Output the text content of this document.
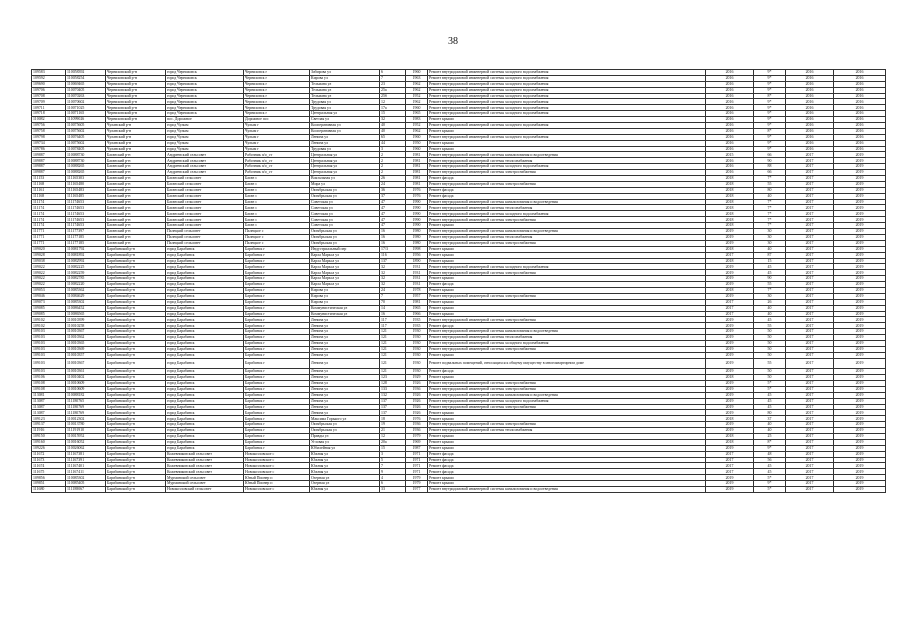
38
109583	110058392	Черниховский р-н	город Черниховск	Черниховск г	Забирова ул	6	1960	Ремонт внутридомовой инженерной системы холодного водоснабжения	2016	9*	2016	2016
109592	110058254	Черниховский р-н	город Черниховск	Черниховск г	Кирова ул	7	1963	Ремонт внутридомовой инженерной системы холодного водоснабжения	2016	9*	2016	2016
109690	110069465	Черниховский р-н	город Черниховск	Черниховск г	Тельмана ул	23	1962	Ремонт внутридомовой инженерной системы холодного водоснабжения	2016	9*	2016	2016
109706	110070405	Черниховский р-н	город Черниховск	Черниховск г	Тельмана ул	25а	1962	Ремонт внутридомовой инженерной системы холодного водоснабжения	2016	9*	2016	2016
109708	110070263	Черниховский р-н	город Черниховск	Черниховск г	Тельмана ул	25б	1952	Ремонт внутридомовой инженерной системы холодного водоснабжения	2016	8*	2016	2016
109709	110070602	Черниховский р-н	город Черниховск	Черниховск г	Трудовая ул	12	1962	Ремонт внутридомовой инженерной системы холодного водоснабжения	2016	9*	2016	2016
109711	110071025	Черниховский р-н	город Черниховск	Черниховск г	Трудовая ул	17а	1960	Ремонт внутридомовой инженерной системы холодного водоснабжения	2016	9*	2016	2016
109718	110071165	Черниховский р-н	город Черниховск	Черниховск г	Центральная ул	15	1965	Ремонт внутридомовой инженерной системы холодного водоснабжения	2016	9*	2016	2016
110082	111099026	Черниховский р-н	пос. Дорожное	Дорожное пос	Светлая ул	32	1983	Ремонт крыши	2016	9*	2016	2016
109756	110075605	Чуланский р-н	город Чулым	Чулым г	Кооперативная ул	40	1952	Ремонт внутридомовой инженерной системы холодного водоснабжения	2016	9*	2016	2016
109758	110075602	Чуланский р-н	город Чулым	Чулым г	Кооперативная ул	40	1962	Ремонт крыши	2016	8*	2016	2016
109798	110076405	Чуланский р-н	город Чулым	Чулым г	Ленина ул	65	1960	Ремонт внутридомовой инженерной системы холодного водоснабжения	2016	9*	2016	2016
109734	110075602	Чуланский р-н	город Чулым	Чулым г	Ленина ул	44	1950	Ремонт крыши	2016	9*	2016	2016
109786	110078405	Чуланский р-н	город Чулым	Чулым г	Трудовая ул	3	1960	Ремонт крыши	2016	9*	2016	2016
109887	110088730	Баганский р-н	Андреевский сельсовет	Рабочник п/о_ст	Центральная ул	2	1981	Ремонт внутридомовой инженерной системы канализования и водоотведения	2015	66	2017	2019
109887	110088730	Баганский р-н	Андреевский сельсовет	Рабочник п/о_ст	Центральная ул	2	1981	Ремонт внутридомовой инженерной системы теплоснабжения	2016	90	2017	2019
109887	110088265	Баганский р-н	Андреевский сельсовет	Рабочник п/о_ст	Центральная ул	2	1981	Ремонт внутридомовой инженерной системы холодного водоснабжения	2016	88	2017	2019
109887	110088265	Баганский р-н	Андреевский сельсовет	Рабочник п/о_ст	Центральная ул	2	1981	Ремонт внутридомовой инженерной системы электроснабжения	2016	66	2017	2019
111153	111165303	Баганский р-н	Баганский сельсовет	Баган с	Вокзальная ул	26	1981	Ремонт фасада	2018	7*	2017	2019
111168	111165480	Баганский р-н	Баганский сельсовет	Баган с	Мира ул	24	1981	Ремонт внутридомовой инженерной системы электроснабжения	2018	55	2017	2019
111161	111165483	Баганский р-н	Баганский сельсовет	Баган с	Октябрьская ул	36	1976	Ремонт фасада	2018	80	2017	2019
111168	111165485	Баганский р-н	Баганский сельсовет	Баган с	Октябрьская ул	37	1976	Ремонт фасада	2018	40	2017	2019
111174	111174653	Баганский р-н	Баганский сельсовет	Баган с	Советская ул	47	1990	Ремонт внутридомовой инженерной системы канализования и водоотведения	2018	7*	2017	2019
111174	111174653	Баганский р-н	Баганский сельсовет	Баган с	Советская ул	47	1990	Ремонт внутридомовой инженерной системы теплоснабжения	2018	7*	2017	2019
111174	111174653	Баганский р-н	Баганский сельсовет	Баган с	Советская ул	47	1990	Ремонт внутридомовой инженерной системы холодного водоснабжения	2018	7*	2017	2019
111174	111174653	Баганский р-н	Баганский сельсовет	Баган с	Советская ул	47	1990	Ремонт внутридомовой инженерной системы электроснабжения	2018	7*	2017	2019
111174	111174653	Баганский р-н	Баганский сельсовет	Баган с	Советская ул	47	1990	Ремонт крыши	2018	7*	2017	2019
111771	111177397	Баганский р-н	Палецкий сельсовет	Палецкое с	Октябрьская ул	16	1980	Ремонт внутридомовой инженерной системы канализования и водоотведения	2019	30	2017	2019
111771	111177185	Баганский р-н	Палецкий сельсовет	Палецкое с	Октябрьская ул	16	1980	Ремонт внутридомовой инженерной системы теплоснабжения	2019	30	2017	2019
111771	111177185	Баганский р-н	Палецкий сельсовет	Палецкое с	Октябрьская ул	16	1980	Ремонт внутридомовой инженерной системы электроснабжения	2019	30	2017	2019
109020	110081792	Барабинский р-н	город Барабинск	Барабинск г	Индустриальный пер	17/3	1998	Ремонт крыши	2018	40	2017	2019
109028	110081892	Барабинский р-н	город Барабинск	Барабинск г	Карла Маркса ул	116	1956	Ремонт крыши	2017	87	2017	2019
109038	110082992	Барабинский р-н	город Барабинск	Барабинск г	Карла Маркса ул	137	1890	Ремонт крыши	2018	15	2017	2019
109022	110082225	Барабинский р-н	город Барабинск	Барабинск г	Карла Маркса ул	32	1931	Ремонт внутридомовой инженерной системы холодного водоснабжения	2019	45	2017	2019
109022	110082259	Барабинский р-н	город Барабинск	Барабинск г	Карла Маркса ул	32	1931	Ремонт внутридомовой инженерной системы электроснабжения	2019	45	2017	2019
109022	110082785	Барабинский р-н	город Барабинск	Барабинск г	Карла Маркса ул	32	1931	Ремонт крыши	2019	90	2017	2019
109022	110082220	Барабинский р-н	город Барабинск	Барабинск г	Карла Маркса ул	32	1931	Ремонт фасада	2019	55	2017	2019
109053	110085362	Барабинский р-н	город Барабинск	Барабинск г	Кирова ул	24	1978	Ремонт крыши	2018	7*	2017	2019
109046	110084629	Барабинский р-н	город Барабинск	Барабинск г	Кирова ул	7	1957	Ремонт внутридомовой инженерной системы электроснабжения	2019	30	2017	2019
109073	110085302	Барабинский р-н	город Барабинск	Барабинск г	Кирова ул	70	1981	Ремонт крыши	2017	26	2017	2019
109085	110086452	Барабинский р-н	город Барабинск	Барабинск г	Коммунистическая ул	14	1965	Ремонт крыши	2017	40	2017	2019
109085	110086565	Барабинский р-н	город Барабинск	Барабинск г	Коммунистическая ул	16	1966	Ремонт крыши	2017	40	2017	2019
109102	110010399	Барабинский р-н	город Барабинск	Барабинск г	Ленина ул	117	1935	Ремонт внутридомовой инженерной системы электроснабжения	2019	45	2017	2019
109102	110010258	Барабинский р-н	город Барабинск	Барабинск г	Ленина ул	117	1935	Ремонт фасада	2019	55	2017	2019
109103	110010367	Барабинский р-н	город Барабинск	Барабинск г	Ленина ул	121	1930	Ремонт внутридомовой инженерной системы канализования и водоотведения	2019	50	2017	2019
109103	110010362	Барабинский р-н	город Барабинск	Барабинск г	Ленина ул	121	1930	Ремонт внутридомовой инженерной системы теплоснабжения	2019	50	2017	2019
109103	110010365	Барабинский р-н	город Барабинск	Барабинск г	Ленина ул	121	1930	Ремонт внутридомовой инженерной системы холодного водоснабжения	2019	50	2017	2019
109103	110010369	Барабинский р-н	город Барабинск	Барабинск г	Ленина ул	121	1930	Ремонт внутридомовой инженерной системы электроснабжения	2019	50	2017	2019
109103	110010357	Барабинский р-н	город Барабинск	Барабинск г	Ленина ул	121	1930	Ремонт крыши	2019	50	2017	2019
109103	110010367	Барабинский р-н	город Барабинск	Барабинск г	Ленина ул	121	1930	Ремонт подвальных помещений, относящихся к общему имуществу в многоквартирном доме	2019	55	2017	2019
109103	110010361	Барабинский р-н	город Барабинск	Барабинск г	Ленина ул	121	1930	Ремонт фасада	2019	50	2017	2019
109106	110010402	Барабинский р-н	город Барабинск	Барабинск г	Ленина ул	123	1929	Ремонт крыши	2018	50	2017	2019
109108	110010609	Барабинский р-н	город Барабинск	Барабинск г	Ленина ул	128	1926	Ремонт внутридомовой инженерной системы электроснабжения	2019	5*	2017	2019
109108	110010609	Барабинский р-н	город Барабинск	Барабинск г	Ленина ул	133	1936	Ремонт внутридомовой инженерной системы электроснабжения	2019	5*	2017	2019
113081	110088182	Барабинский р-н	город Барабинск	Барабинск г	Ленина ул	132	1926	Ремонт внутридомовой инженерной системы канализования и водоотведения	2019	45	2017	2019
113087	111180765	Барабинский р-н	город Барабинск	Барабинск г	Ленина ул	137	1926	Ремонт внутридомовой инженерной системы холодного водоснабжения	2019	45	2017	2019
113087	111180769	Барабинский р-н	город Барабинск	Барабинск г	Ленина ул	137	1926	Ремонт внутридомовой инженерной системы электроснабжения	2019	45	2017	2019
113087	111180769	Барабинский р-н	город Барабинск	Барабинск г	Ленина ул	137	1926	Ремонт крыши	2019	80	2017	2019
109123	110012302	Барабинский р-н	город Барабинск	Барабинск г	Максима Горького ул	18	1976	Ремонт крыши	2018	37	2017	2019
109137	110013780	Барабинский р-н	город Барабинск	Барабинск г	Октябрьская ул	19	1936	Ремонт внутридомовой инженерной системы электроснабжения	2019	40	2017	2019
111916	111191910	Барабинский р-н	город Барабинск	Барабинск г	Октябрьская ул	21	1936	Ремонт внутридомовой инженерной системы теплоснабжения	2019	40	2017	2019
109150	110015952	Барабинский р-н	город Барабинск	Барабинск г	Правды ул	12	1979	Ремонт крыши	2018	25	2017	2019
109160	110016052	Барабинский р-н	город Барабинск	Барабинск г	Угловая ул	20а	1969	Ремонт крыши	2018	8*	2017	2019
109226	110026062	Барабинский р-н	город Барабинск	Барабинск г	Юбилейная ул	15	1987	Ремонт крыши	2019	9*	2017	2019
111672	111167381	Барабинский р-н	Кожевниковский сельсовет	Новокозловское с	Южная ул	3	1971	Ремонт фасада	2017	48	2017	2019
111673	111167391	Барабинский р-н	Кожевниковский сельсовет	Новокозловское с	Южная ул	5	1971	Ремонт фасада	2017	56	2017	2019
111674	111167401	Барабинский р-н	Кожевниковский сельсовет	Новокозловское с	Южная ул	7	1971	Ремонт фасада	2017	45	2017	2019
111675	111167411	Барабинский р-н	Кожевниковский сельсовет	Новокозловское с	Южная ул	9	1971	Ремонт фасада	2017	45	2017	2019
109856	110085302	Барабинский р-н	Мурминский сельсовет	Юный Пионер п	Озерная ул	4	1979	Ремонт крыши	2019	5*	2017	2019
109851	110085405	Барабинский р-н	Мурминский сельсовет	Юный Пионер п	Озерная ул	6	1979	Ремонт крыши	2019	9*	2017	2019
111680	111188067	Барабинский р-н	Новокозловский сельсовет	Новокозловское с	Южная ул	33	1977	Ремонт внутридомовой инженерной системы канализования и водоотведения	2019	5*	2017	2019
